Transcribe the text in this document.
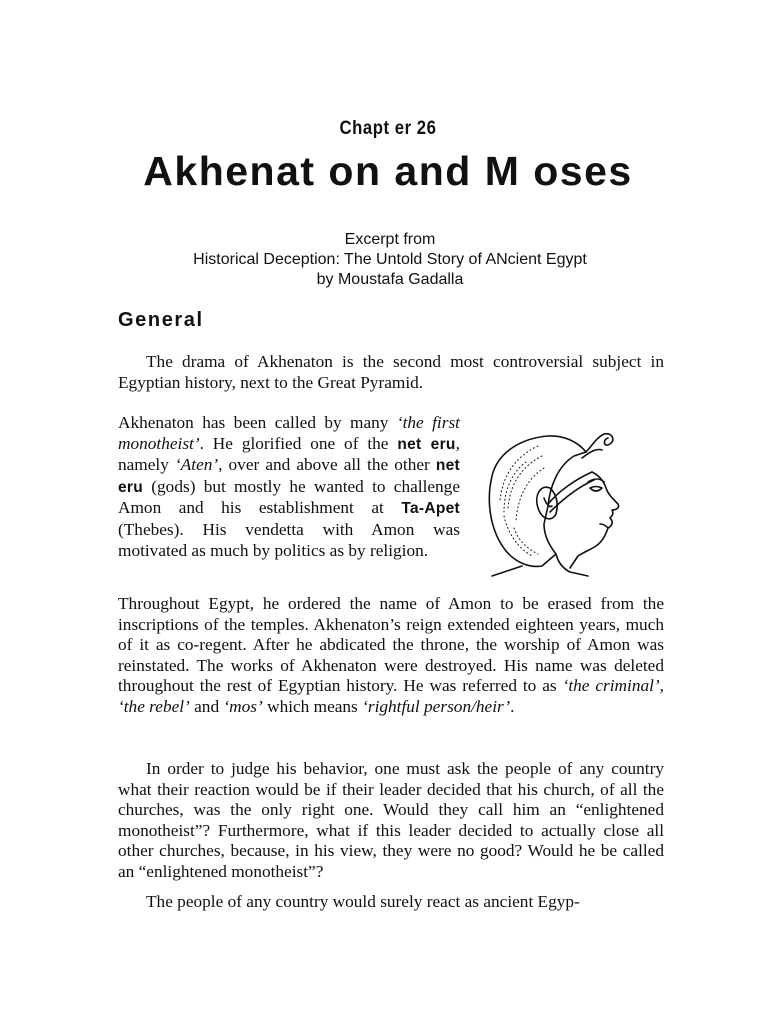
Chapt er 26
Akhenat on and M oses
Excerpt from
Historical Deception: The Untold Story of ANcient Egypt
by Moustafa Gadalla
General

The drama of Akhenaton is the second most controversial subject in Egyptian history, next to the Great Pyramid.

Akhenaton has been called by many ‘the first monotheist’. He glorified one of the net eru, namely ‘Aten’, over and above all the other net eru (gods) but mostly he wanted to challenge Amon and his establishment at Ta-Apet (Thebes). His vendetta with Amon was motivated as much by politics as by religion.

Throughout Egypt, he ordered the name of Amon to be erased from the inscriptions of the temples. Akhenaton’s reign extended eighteen years, much of it as co-regent. After he abdicated the throne, the worship of Amon was reinstated. The works of Akhenaton were destroyed. His name was deleted throughout the rest of Egyptian history. He was referred to as ‘the criminal’, ‘the rebel’ and ‘mos’ which means ‘rightful person/heir’.

In order to judge his behavior, one must ask the people of any country what their reaction would be if their leader decided that his church, of all the churches, was the only right one. Would they call him an “enlightened monotheist”? Furthermore, what if this leader decided to actually close all other churches, because, in his view, they were no good? Would he be called an “enlightened monotheist”?

The people of any country would surely react as ancient Egyp-
